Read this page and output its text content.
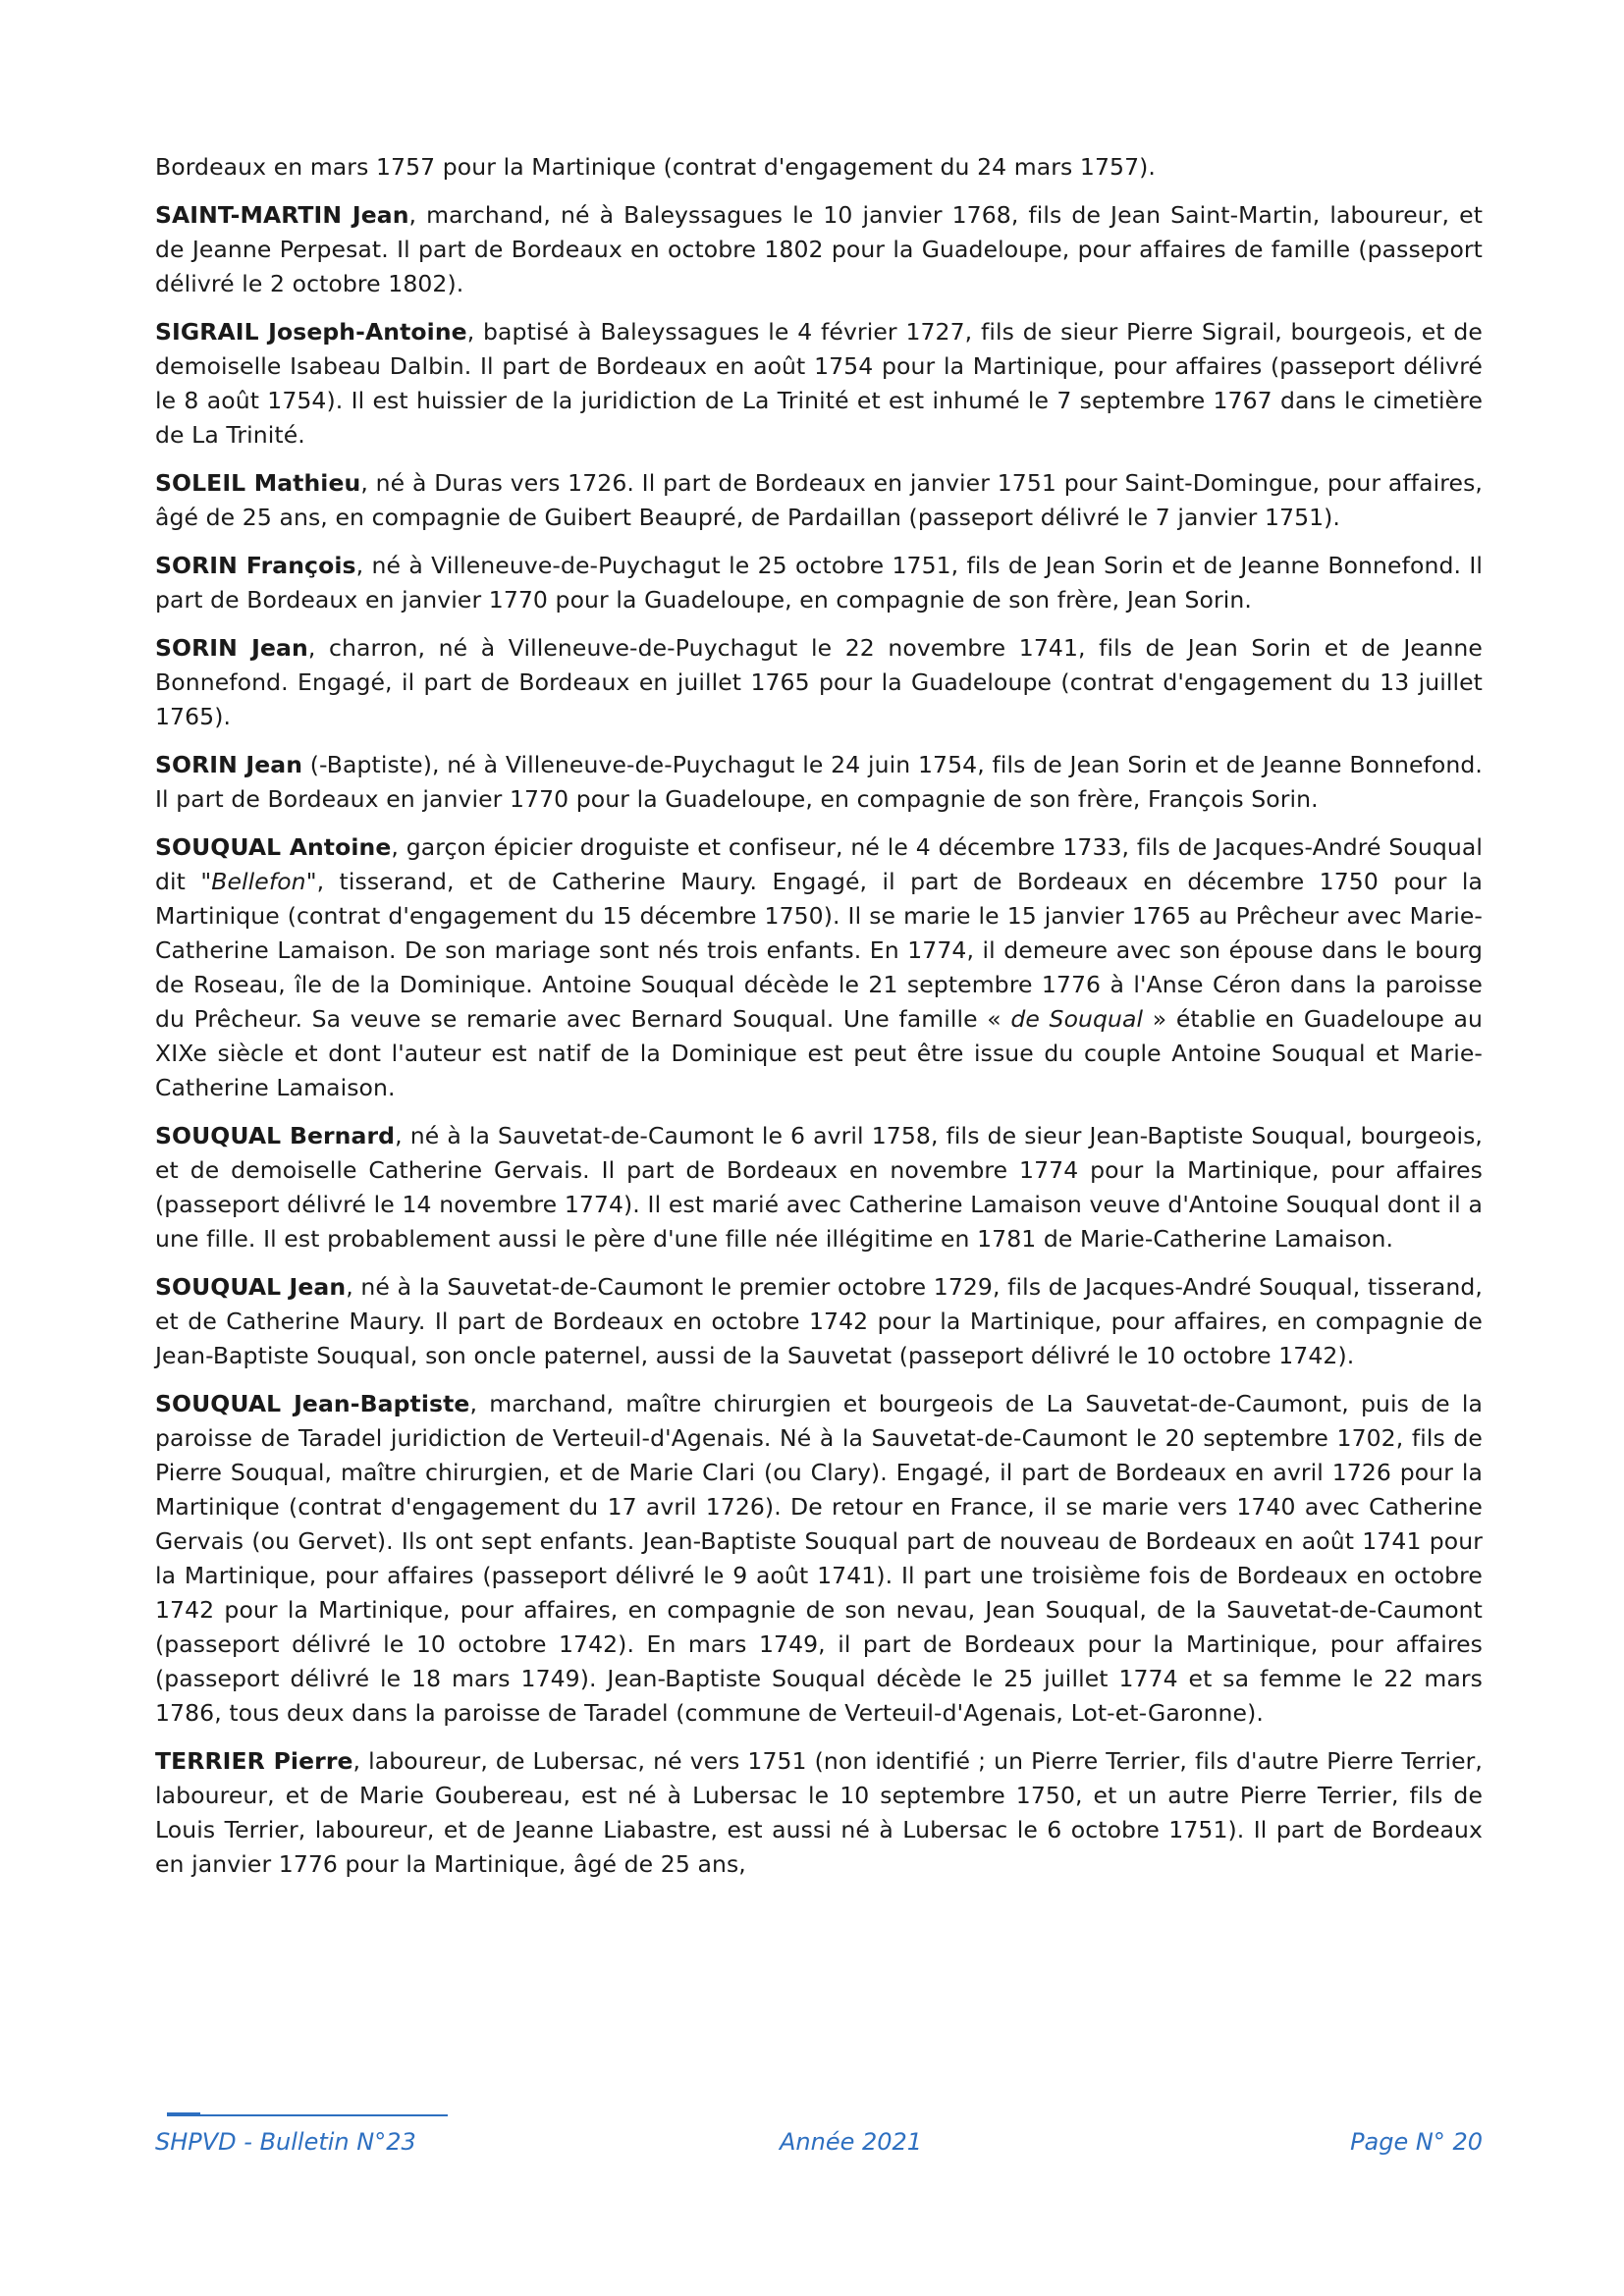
Bordeaux en mars 1757 pour la Martinique (contrat d'engagement du 24 mars 1757).

SAINT-MARTIN Jean, marchand, né à Baleyssagues le 10 janvier 1768, fils de Jean Saint-Martin, laboureur, et de Jeanne Perpesat. Il part de Bordeaux en octobre 1802 pour la Guadeloupe, pour affaires de famille (passeport délivré le 2 octobre 1802).

SIGRAIL Joseph-Antoine, baptisé à Baleyssagues le 4 février 1727, fils de sieur Pierre Sigrail, bourgeois, et de demoiselle Isabeau Dalbin. Il part de Bordeaux en août 1754 pour la Martinique, pour affaires (passeport délivré le 8 août 1754). Il est huissier de la juridiction de La Trinité et est inhumé le 7 septembre 1767 dans le cimetière de La Trinité.

SOLEIL Mathieu, né à Duras vers 1726. Il part de Bordeaux en janvier 1751 pour Saint-Domingue, pour affaires, âgé de 25 ans, en compagnie de Guibert Beaupré, de Pardaillan (passeport délivré le 7 janvier 1751).

SORIN François, né à Villeneuve-de-Puychagut le 25 octobre 1751, fils de Jean Sorin et de Jeanne Bonnefond. Il part de Bordeaux en janvier 1770 pour la Guadeloupe, en compagnie de son frère, Jean Sorin.

SORIN Jean, charron, né à Villeneuve-de-Puychagut le 22 novembre 1741, fils de Jean Sorin et de Jeanne Bonnefond. Engagé, il part de Bordeaux en juillet 1765 pour la Guadeloupe (contrat d'engagement du 13 juillet 1765).

SORIN Jean (-Baptiste), né à Villeneuve-de-Puychagut le 24 juin 1754, fils de Jean Sorin et de Jeanne Bonnefond. Il part de Bordeaux en janvier 1770 pour la Guadeloupe, en compagnie de son frère, François Sorin.

SOUQUAL Antoine, garçon épicier droguiste et confiseur, né le 4 décembre 1733, fils de Jacques-André Souqual dit "Bellefon", tisserand, et de Catherine Maury. Engagé, il part de Bordeaux en décembre 1750 pour la Martinique (contrat d'engagement du 15 décembre 1750). Il se marie le 15 janvier 1765 au Prêcheur avec Marie-Catherine Lamaison. De son mariage sont nés trois enfants. En 1774, il demeure avec son épouse dans le bourg de Roseau, île de la Dominique. Antoine Souqual décède le 21 septembre 1776 à l'Anse Céron dans la paroisse du Prêcheur. Sa veuve se remarie avec Bernard Souqual. Une famille « de Souqual » établie en Guadeloupe au XIXe siècle et dont l'auteur est natif de la Dominique est peut être issue du couple Antoine Souqual et Marie-Catherine Lamaison.

SOUQUAL Bernard, né à la Sauvetat-de-Caumont le 6 avril 1758, fils de sieur Jean-Baptiste Souqual, bourgeois, et de demoiselle Catherine Gervais. Il part de Bordeaux en novembre 1774 pour la Martinique, pour affaires (passeport délivré le 14 novembre 1774). Il est marié avec Catherine Lamaison veuve d'Antoine Souqual dont il a une fille. Il est probablement aussi le père d'une fille née illégitime en 1781 de Marie-Catherine Lamaison.

SOUQUAL Jean, né à la Sauvetat-de-Caumont le premier octobre 1729, fils de Jacques-André Souqual, tisserand, et de Catherine Maury. Il part de Bordeaux en octobre 1742 pour la Martinique, pour affaires, en compagnie de Jean-Baptiste Souqual, son oncle paternel, aussi de la Sauvetat (passeport délivré le 10 octobre 1742).

SOUQUAL Jean-Baptiste, marchand, maître chirurgien et bourgeois de La Sauvetat-de-Caumont, puis de la paroisse de Taradel juridiction de Verteuil-d'Agenais. Né à la Sauvetat-de-Caumont le 20 septembre 1702, fils de Pierre Souqual, maître chirurgien, et de Marie Clari (ou Clary). Engagé, il part de Bordeaux en avril 1726 pour la Martinique (contrat d'engagement du 17 avril 1726). De retour en France, il se marie vers 1740 avec Catherine Gervais (ou Gervet). Ils ont sept enfants. Jean-Baptiste Souqual part de nouveau de Bordeaux en août 1741 pour la Martinique, pour affaires (passeport délivré le 9 août 1741). Il part une troisième fois de Bordeaux en octobre 1742 pour la Martinique, pour affaires, en compagnie de son nevau, Jean Souqual, de la Sauvetat-de-Caumont (passeport délivré le 10 octobre 1742). En mars 1749, il part de Bordeaux pour la Martinique, pour affaires (passeport délivré le 18 mars 1749). Jean-Baptiste Souqual décède le 25 juillet 1774 et sa femme le 22 mars 1786, tous deux dans la paroisse de Taradel (commune de Verteuil-d'Agenais, Lot-et-Garonne).

TERRIER Pierre, laboureur, de Lubersac, né vers 1751 (non identifié ; un Pierre Terrier, fils d'autre Pierre Terrier, laboureur, et de Marie Goubereau, est né à Lubersac le 10 septembre 1750, et un autre Pierre Terrier, fils de Louis Terrier, laboureur, et de Jeanne Liabastre, est aussi né à Lubersac le 6 octobre 1751). Il part de Bordeaux en janvier 1776 pour la Martinique, âgé de 25 ans,

SHPVD - Bulletin N°23	Année 2021	Page N° 20
